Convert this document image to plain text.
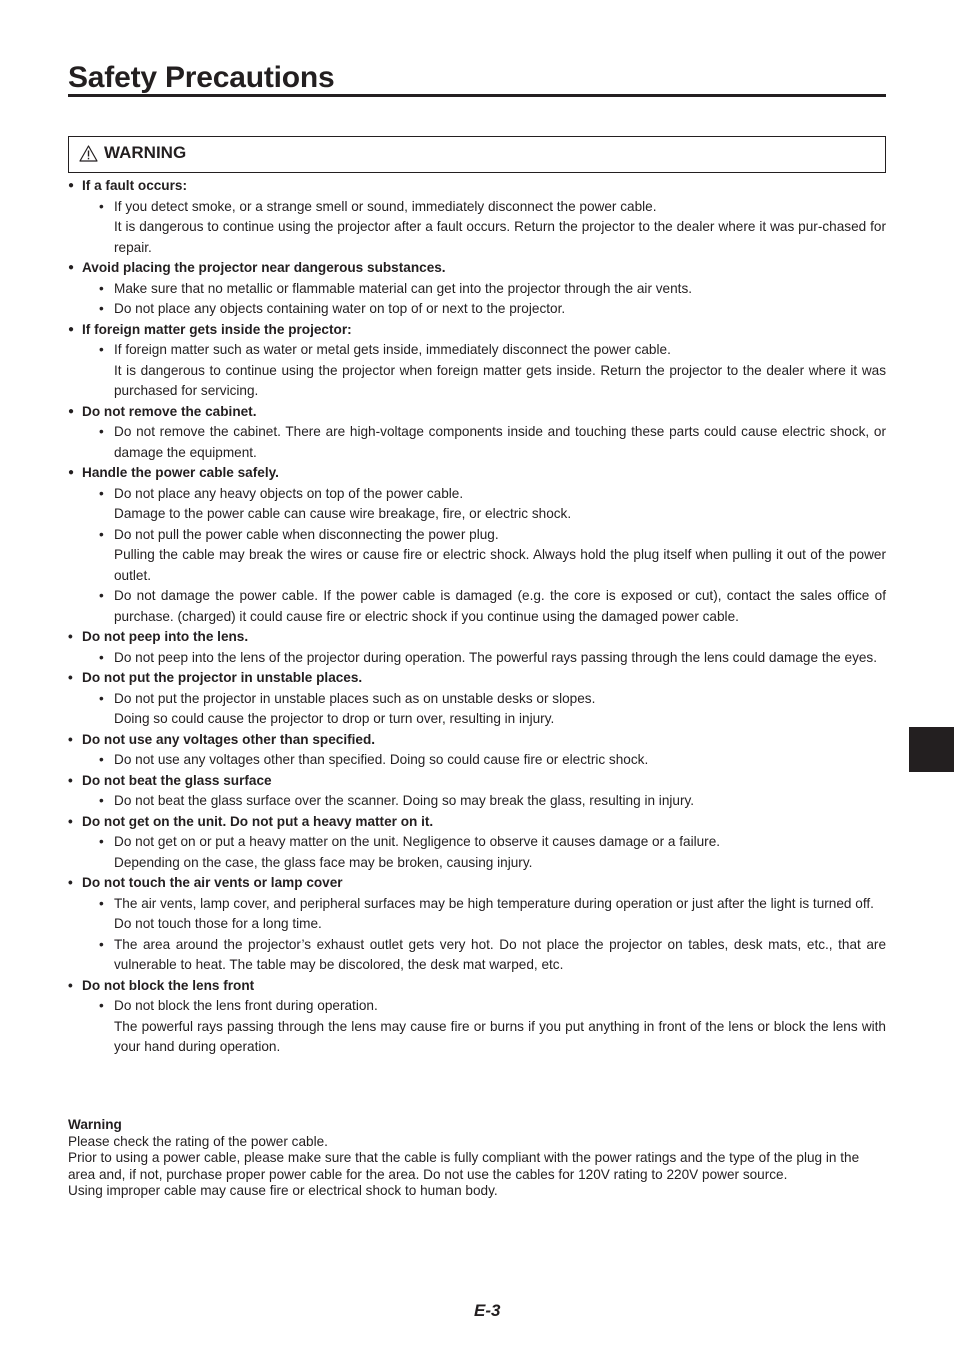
Safety Precautions
WARNING
● If a fault occurs:
• If you detect smoke, or a strange smell or sound, immediately disconnect the power cable.
It is dangerous to continue using the projector after a fault occurs. Return the projector to the dealer where it was pur-chased for repair.
● Avoid placing the projector near dangerous substances.
• Make sure that no metallic or flammable material can get into the projector through the air vents.
• Do not place any objects containing water on top of or next to the projector.
● If foreign matter gets inside the projector:
• If foreign matter such as water or metal gets inside, immediately disconnect the power cable.
It is dangerous to continue using the projector when foreign matter gets inside. Return the projector to the dealer where it was purchased for servicing.
● Do not remove the cabinet.
• Do not remove the cabinet. There are high-voltage components inside and touching these parts could cause electric shock, or damage the equipment.
● Handle the power cable safely.
• Do not place any heavy objects on top of the power cable.
Damage to the power cable can cause wire breakage, fire, or electric shock.
• Do not pull the power cable when disconnecting the power plug.
Pulling the cable may break the wires or cause fire or electric shock. Always hold the plug itself when pulling it out of the power outlet.
• Do not damage the power cable. If the power cable is damaged (e.g. the core is exposed or cut), contact the sales office of purchase. (charged) it could cause fire or electric shock if you continue using the damaged power cable.
• Do not peep into the lens.
• Do not peep into the lens of the projector during operation. The powerful rays passing through the lens could damage the eyes.
• Do not put the projector in unstable places.
• Do not put the projector in unstable places such as on unstable desks or slopes.
Doing so could cause the projector to drop or turn over, resulting in injury.
• Do not use any voltages other than specified.
• Do not use any voltages other than specified. Doing so could cause fire or electric shock.
• Do not beat the glass surface
• Do not beat the glass surface over the scanner. Doing so may break the glass, resulting in injury.
• Do not get on the unit. Do not put a heavy matter on it.
• Do not get on or put a heavy matter on the unit. Negligence to observe it causes damage or a failure.
Depending on the case, the glass face may be broken, causing injury.
• Do not touch the air vents or lamp cover
• The air vents, lamp cover, and peripheral surfaces may be high temperature during operation or just after the light is turned off.
Do not touch those for a long time.
• The area around the projector’s exhaust outlet gets very hot. Do not place the projector on tables, desk mats, etc., that are vulnerable to heat. The table may be discolored, the desk mat warped, etc.
• Do not block the lens front
• Do not block the lens front during operation.
The powerful rays passing through the lens may cause fire or burns if you put anything in front of the lens or block the lens with your hand during operation.
Warning
Please check the rating of the power cable.
Prior to using a power cable, please make sure that the cable is fully compliant with the power ratings and the type of the plug in the area and, if not, purchase proper power cable for the area. Do not use the cables for 120V rating to 220V power source.
Using improper cable may cause fire or electrical shock to human body.
E-3
